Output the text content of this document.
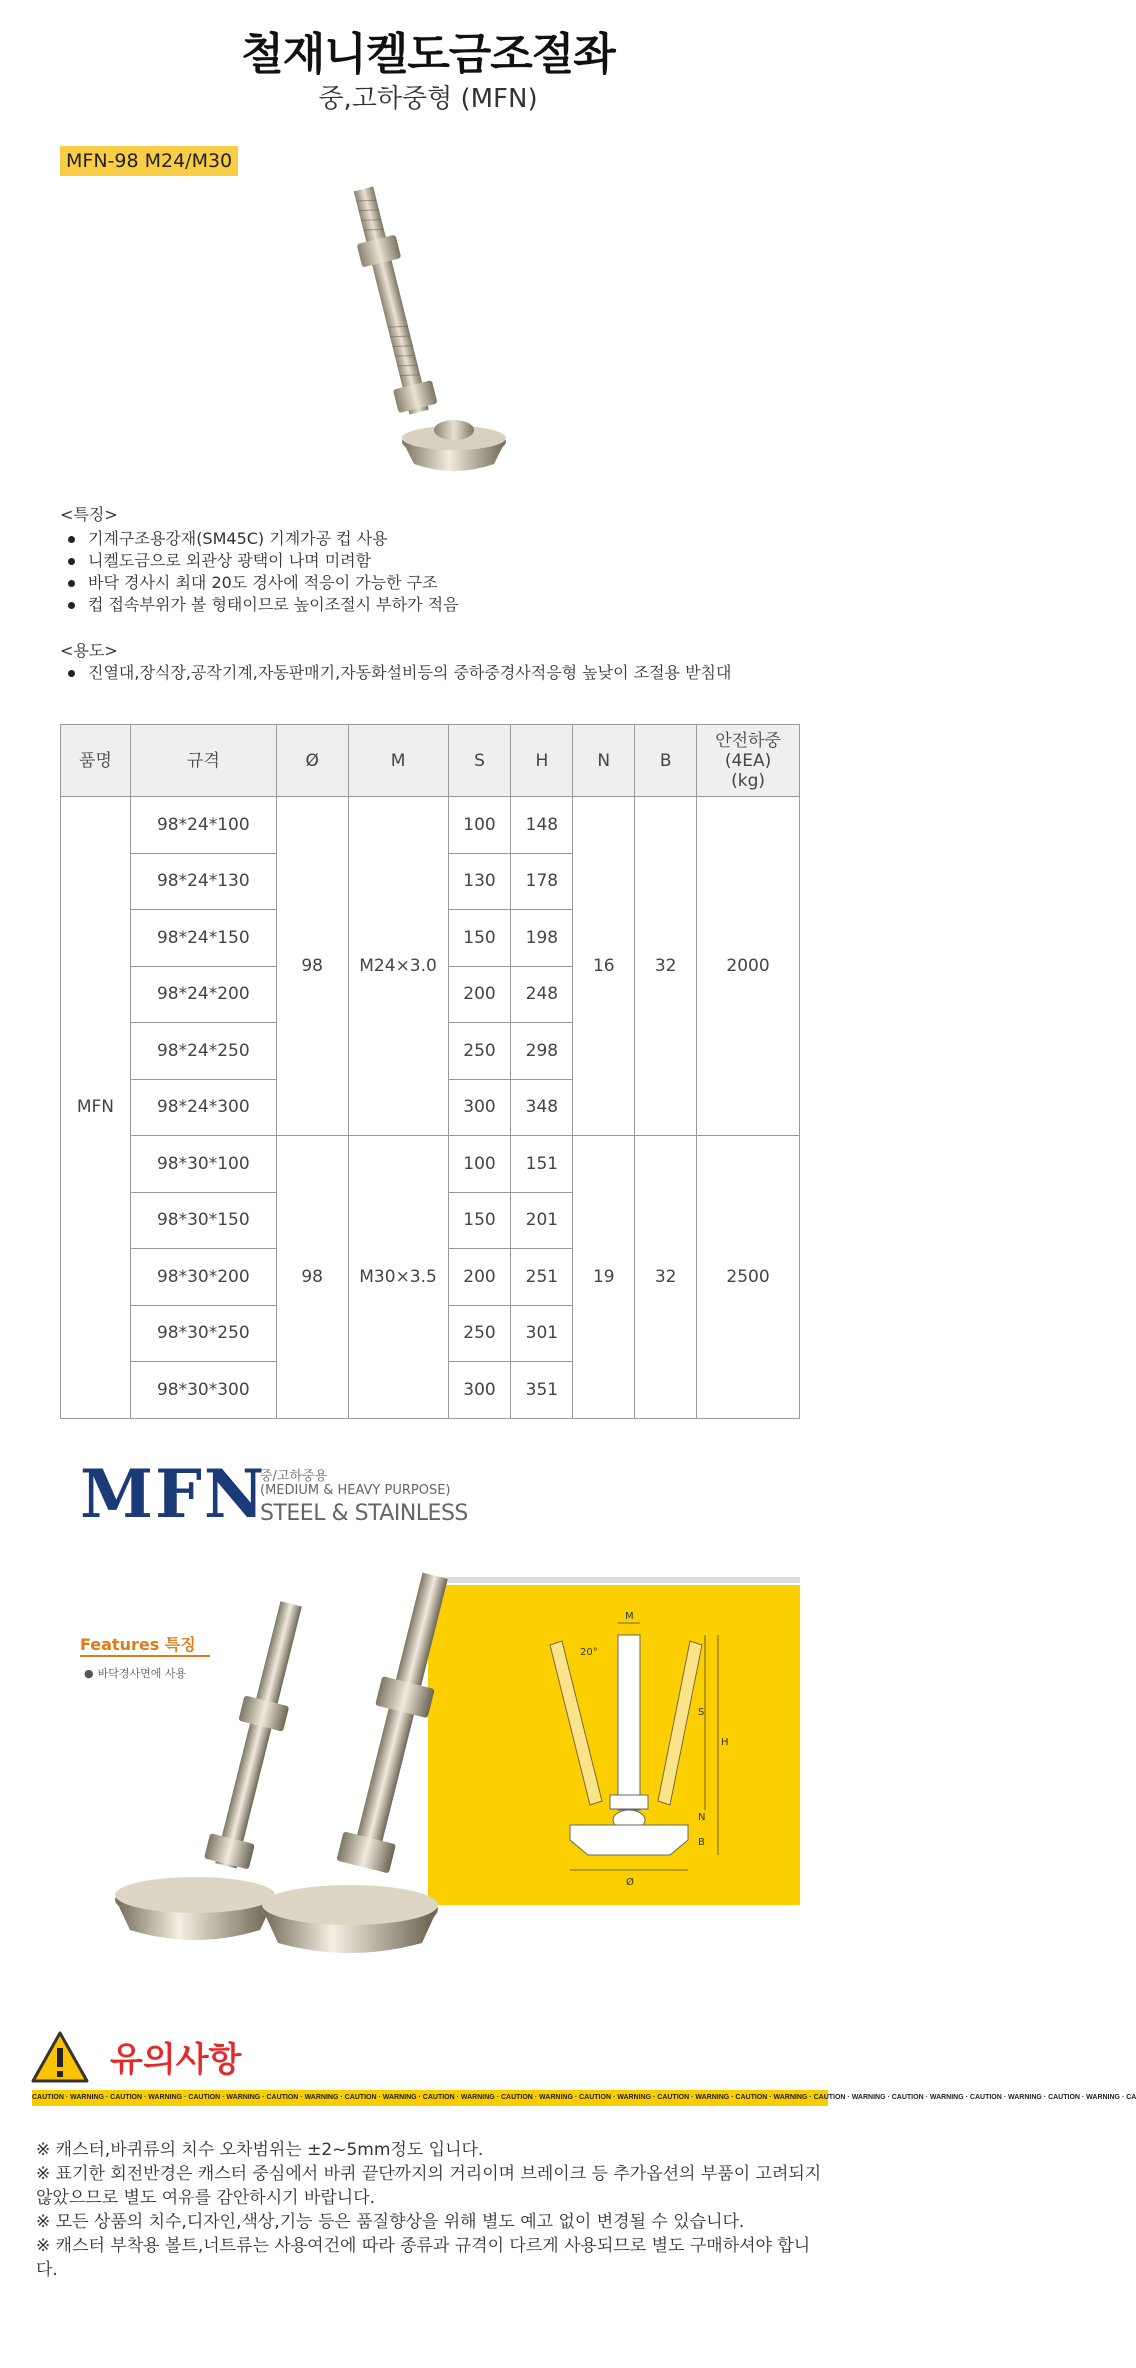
철재니켈도금조절좌
중,고하중형 (MFN)
MFN-98 M24/M30
<특징>
기계구조용강재(SM45C) 기계가공 컵 사용
니켈도금으로 외관상 광택이 나며 미려함
바닥 경사시 최대 20도 경사에 적응이 가능한 구조
컵 접속부위가 볼 형태이므로 높이조절시 부하가 적음
<용도>
진열대,장식장,공작기계,자동판매기,자동화설비등의 중하중경사적응형 높낮이 조절용 받침대
품명	규격	Ø	M	S	H	N	B	안전하중
(4EA)
(kg)
MFN	98*24*100	98	M24×3.0	100	148	16	32	2000
	98*24*130			130	178			
	98*24*150			150	198			
	98*24*200			200	248			
	98*24*250			250	298			
	98*24*300			300	348			
	98*30*100	98	M30×3.5	100	151	19	32	2500
	98*30*150			150	201			
	98*30*200			200	251			
	98*30*250			250	301			
	98*30*300			300	351			
MFN
중/고하중용
(MEDIUM & HEAVY PURPOSE)
STEEL & STAINLESS
Features 특징
● 바닥경사면에 사용
M
20°
S
H
N
B
Ø
유의사항
CAUTION · WARNING · CAUTION · WARNING · CAUTION · WARNING · CAUTION · WARNING · CAUTION · WARNING · CAUTION · WARNING · CAUTION · WARNING · CAUTION · WARNING · CAUTION · WARNING · CAUTION · WARNING · CAUTION · WARNING · CAUTION · WARNING · CAUTION · WARNING · CAUTION · WARNING · CA

※ 캐스터,바퀴류의 치수 오차범위는 ±2~5mm정도 입니다.

※ 표기한 회전반경은 캐스터 중심에서 바퀴 끝단까지의 거리이며 브레이크 등 추가옵션의 부품이 고려되지 않았으므로 별도 여유를 감안하시기 바랍니다.

※ 모든 상품의 치수,디자인,색상,기능 등은 품질향상을 위해 별도 예고 없이 변경될 수 있습니다.

※ 캐스터 부착용 볼트,너트류는 사용여건에 따라 종류과 규격이 다르게 사용되므로 별도 구매하셔야 합니다.
